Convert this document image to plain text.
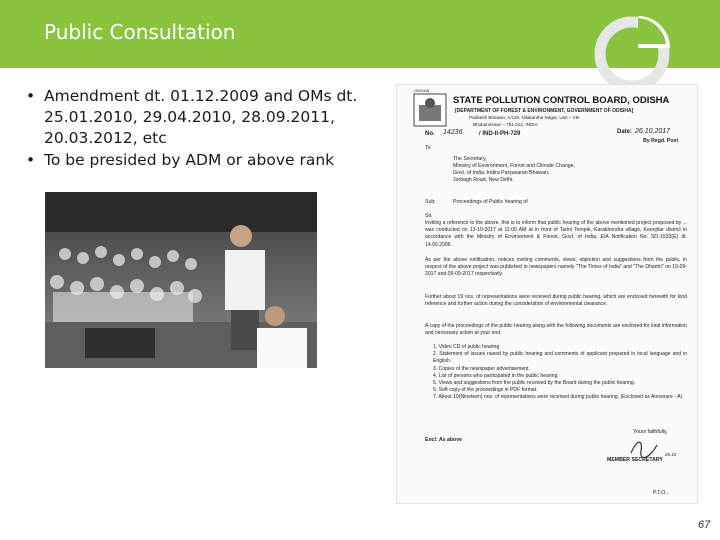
Public Consultation
• Amendment dt. 01.12.2009 and OMs dt. 25.01.2010, 29.04.2010, 28.09.2011, 20.03.2012, etc
• To be presided by ADM or above rank
ODISHA
STATE POLLUTION CONTROL BOARD, ODISHA
[DEPARTMENT OF FOREST & ENVIRONMENT, GOVERNMENT OF ODISHA]
Paribesh Bhawan, A/118, Nilakantha Nagar, Unit – VIII
Bhubaneswar – 751 012, INDIA
No. 14236	/ IND-II-PH-729	Date: 26.10.2017
By Regd. Post
To
The Secretary,
Ministry of Environment, Forest and Climate Change,
Govt. of India, Indira Paryavaran Bhawan,
Jorbagh Road, New Delhi.
Sub:	Proceedings of Public hearing of
Sir,
Inviting a reference to the above, this is to inform that public hearing of the above mentioned project proposed by ... was conducted on 13-10-2017 at 11:00 AM at in front of Tarini Temple, Karakhendra village, Keonjhar district in accordance with the Ministry of Environment & Forest, Govt. of India, EIA Notification No. SO-1533(E) dt. 14.09.2006.
As per the above notification, notices inviting comments, views, objection and suggestions from the public, in respect of the above project was published in newspapers namely "The Times of India" and "The Dharitri" on 10-09-2017 and 09-09-2017 respectively.
Further about 19 nos. of representations were received during public hearing, which are enclosed herewith for kind reference and further action during the consideration of environmental clearance.
A copy of the proceedings of the public hearing along with the following documents are enclosed for kind information and necessary action at your end.
1. Video CD of public hearing
2. Statement of issues raised by public hearing and comments of applicant prepared in local language and in English.
3. Copies of the newspaper advertisement.
4. List of persons who participated in the public hearing
5. Views and suggestions from the public received by the Board during the public hearing.
6. Soft copy of the proceedings in PDF format.
7. About 19(Nineteen) nos. of representations were received during public hearing. (Enclosed as Annexure - A)
Yours faithfully,
Encl: As above
26.10
MEMBER SECRETARY
P.T.O...
67
